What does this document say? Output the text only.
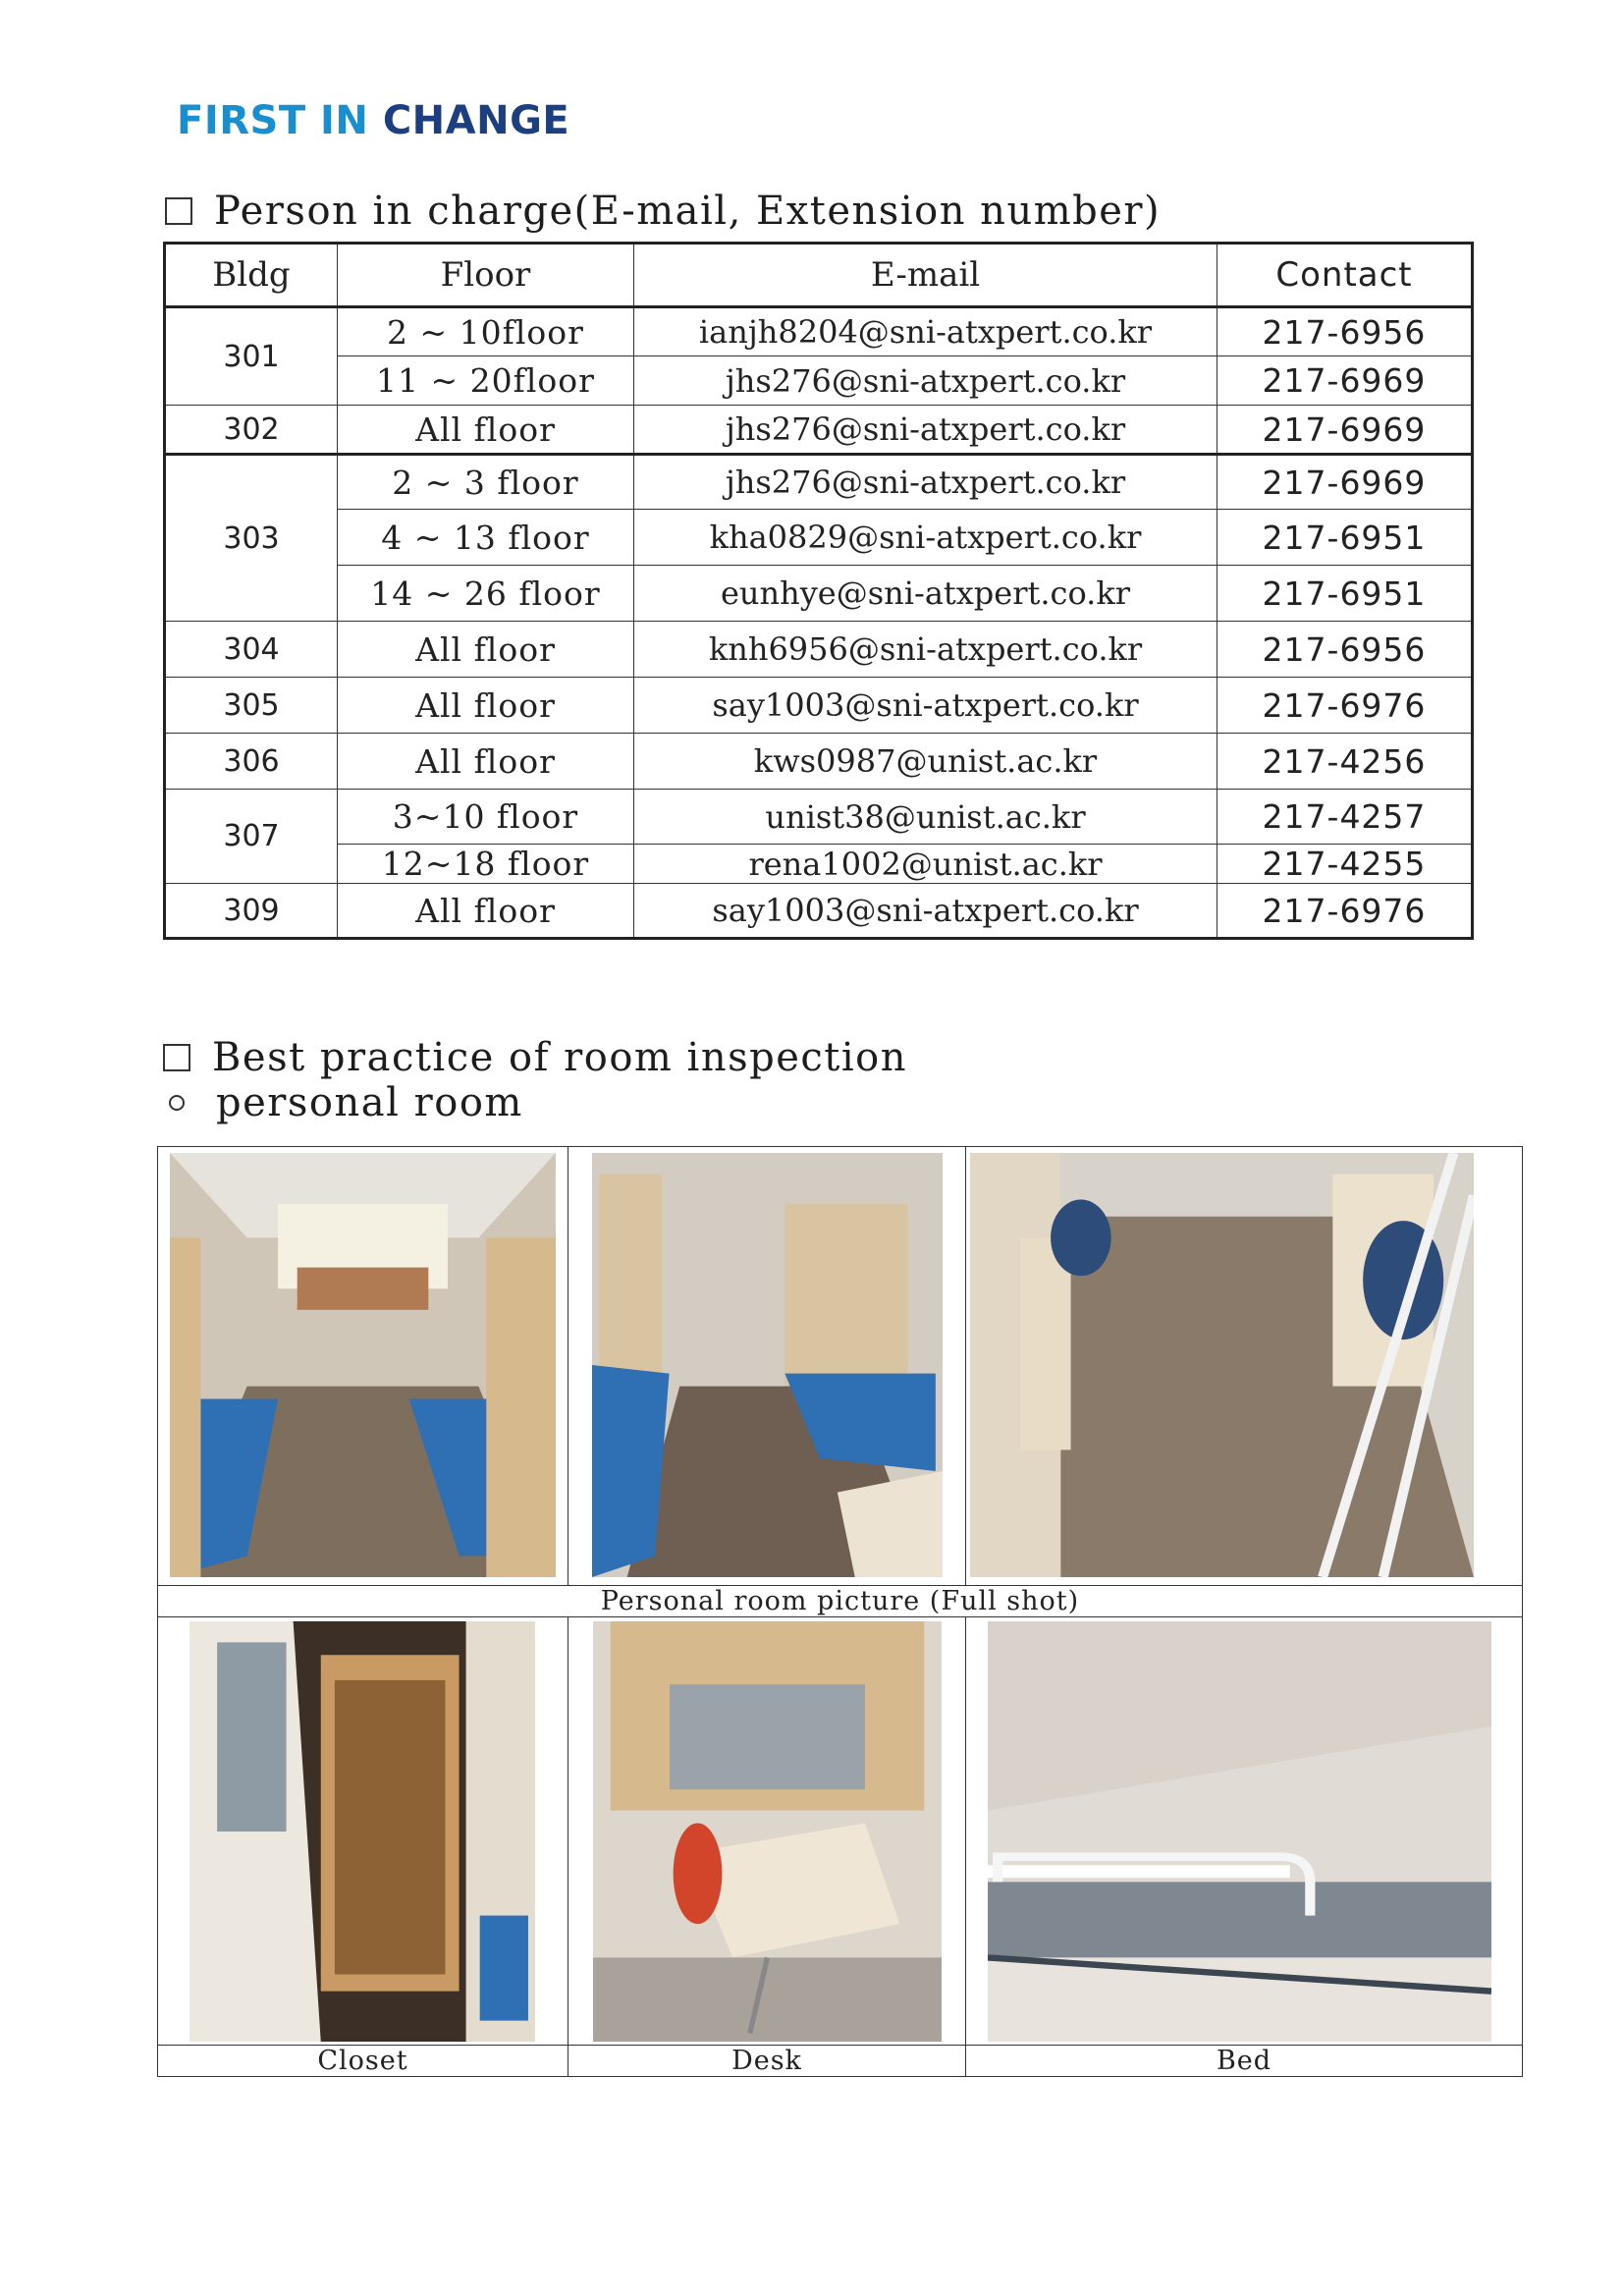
FIRST IN CHANGE
Person in charge(E-mail, Extension number)
Bldg	Floor	E-mail	Contact
301	2 ~ 10floor	ianjh8204@sni-atxpert.co.kr	217-6956
	11 ~ 20floor	jhs276@sni-atxpert.co.kr	217-6969
302	All floor	jhs276@sni-atxpert.co.kr	217-6969
303	2 ~ 3 floor	jhs276@sni-atxpert.co.kr	217-6969
	4 ~ 13 floor	kha0829@sni-atxpert.co.kr	217-6951
	14 ~ 26 floor	eunhye@sni-atxpert.co.kr	217-6951
304	All floor	knh6956@sni-atxpert.co.kr	217-6956
305	All floor	say1003@sni-atxpert.co.kr	217-6976
306	All floor	kws0987@unist.ac.kr	217-4256
307	3~10 floor	unist38@unist.ac.kr	217-4257
	12~18 floor	rena1002@unist.ac.kr	217-4255
309	All floor	say1003@sni-atxpert.co.kr	217-6976
Best practice of room inspection
personal room

Personal room picture (Full shot)		

Closet	Desk	Bed
